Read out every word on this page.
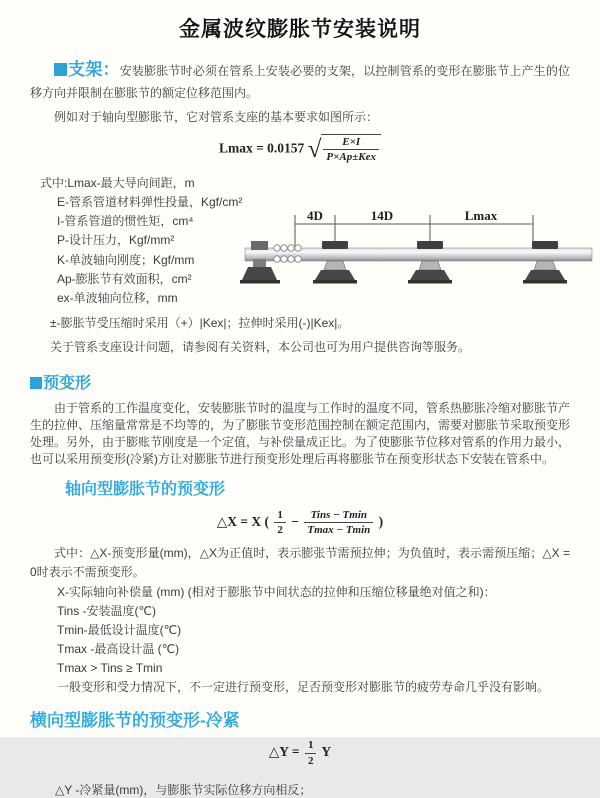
金属波纹膨胀节安装说明

支架：安装膨胀节时必须在管系上安装必要的支架，以控制管系的变形在膨胀节上产生的位移方向并限制在膨胀节的额定位移范围内。

例如对于轴向型膨胀节，它对管系支座的基本要求如图所示：

Lmax = 0.0157 √ $\frac{E\times I}{\text{P×Ap±Kex}}$
式中:Lmax-最大导向间距，m
E-管系管道材料弹性投量，Kgf/cm²
I-管系管道的惯性矩，cm⁴
P-设计压力，Kgf/mm²
K-单波轴向刚度；Kgf/mm
Ap-膨胀节有效面积，cm²
ex-单波轴向位移，mm
4D	14D	Lmax

±-膨胀节受压缩时采用（+）|Kex|；拉伸时采用(-)|Kex|。

关于管系支座设计问题，请参阅有关资料，本公司也可为用户提供咨询等服务。

预变形

由于管系的工作温度变化，安装膨胀节时的温度与工作时的温度不同，管系热膨胀冷缩对膨胀节产生的拉伸、压缩量常常是不均等的，为了膨胀节变形范围控制在额定范围内，需要对膨胀节采取预变形处理。另外，由于膨账节刚度是一个定值，与补偿量成正比。为了使膨胀节位移对管系的作用力最小，也可以采用预变形(冷紧)方让对膨胀节进行预变形处理后再将膨胀节在预变形状态下安装在管系中。

轴向型膨胀节的预变形
△X = X ( $\frac{1}{2} - \frac{\text{Tins − Tmin}}{Tmax - Tmin}$ )

式中：△X-预变形量(mm)，△X为正值时，表示膨张节需预拉伸；为负值时，表示需预压缩；△X = 0时表示不需预变形。

X-实际轴向补偿量 (mm) (相对于膨胀节中间状态的拉伸和压缩位移量绝对值之和)：
Tins -安装温度(℃)
Tmin-最低设计温度(℃)
Tmax -最高设计温 (℃)
Tmax > Tins ≥ Tmin
一般变形和受力情况下，不一定进行预变形，足否预变形对膨胀节的疲劳寿命几乎没有影响。
横向型膨胀节的预变形-冷紧
△Y = $\frac{1}{2}$ Y

△Y -冷紧量(mm)，与膨胀节实际位移方向相反；
